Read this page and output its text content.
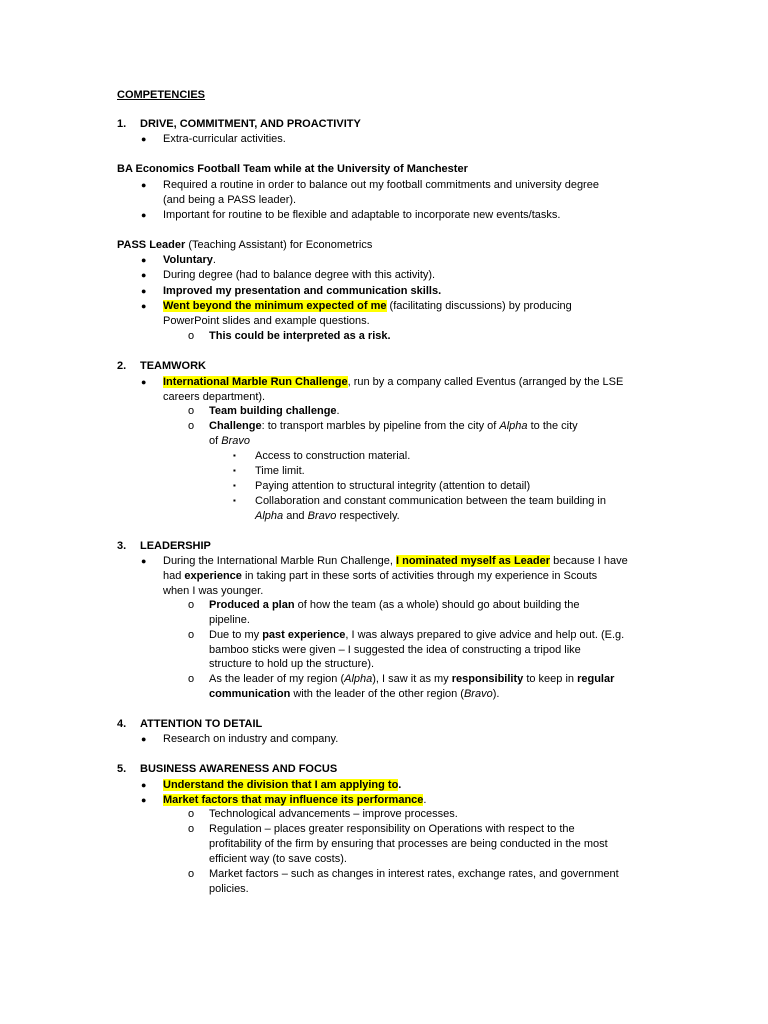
COMPETENCIES
1. DRIVE, COMMITMENT, AND PROACTIVITY
● Extra-curricular activities.
BA Economics Football Team while at the University of Manchester
● Required a routine in order to balance out my football commitments and university degree
(and being a PASS leader).
● Important for routine to be flexible and adaptable to incorporate new events/tasks.
PASS Leader (Teaching Assistant) for Econometrics
● Voluntary.
● During degree (had to balance degree with this activity).
● Improved my presentation and communication skills.
● Went beyond the minimum expected of me (facilitating discussions) by producing
PowerPoint slides and example questions.
o This could be interpreted as a risk.
2. TEAMWORK
● International Marble Run Challenge, run by a company called Eventus (arranged by the LSE
careers department).
o Team building challenge.
o Challenge: to transport marbles by pipeline from the city of Alpha to the city
of Bravo
▪ Access to construction material.
▪ Time limit.
▪ Paying attention to structural integrity (attention to detail)
▪ Collaboration and constant communication between the team building in
Alpha and Bravo respectively.
3. LEADERSHIP
● During the International Marble Run Challenge, I nominated myself as Leader because I have
had experience in taking part in these sorts of activities through my experience in Scouts
when I was younger.
o Produced a plan of how the team (as a whole) should go about building the
pipeline.
o Due to my past experience, I was always prepared to give advice and help out. (E.g.
bamboo sticks were given – I suggested the idea of constructing a tripod like
structure to hold up the structure).
o As the leader of my region (Alpha), I saw it as my responsibility to keep in regular
communication with the leader of the other region (Bravo).
4. ATTENTION TO DETAIL
● Research on industry and company.
5. BUSINESS AWARENESS AND FOCUS
● Understand the division that I am applying to.
● Market factors that may influence its performance.
o Technological advancements – improve processes.
o Regulation – places greater responsibility on Operations with respect to the
profitability of the firm by ensuring that processes are being conducted in the most
efficient way (to save costs).
o Market factors – such as changes in interest rates, exchange rates, and government
policies.
